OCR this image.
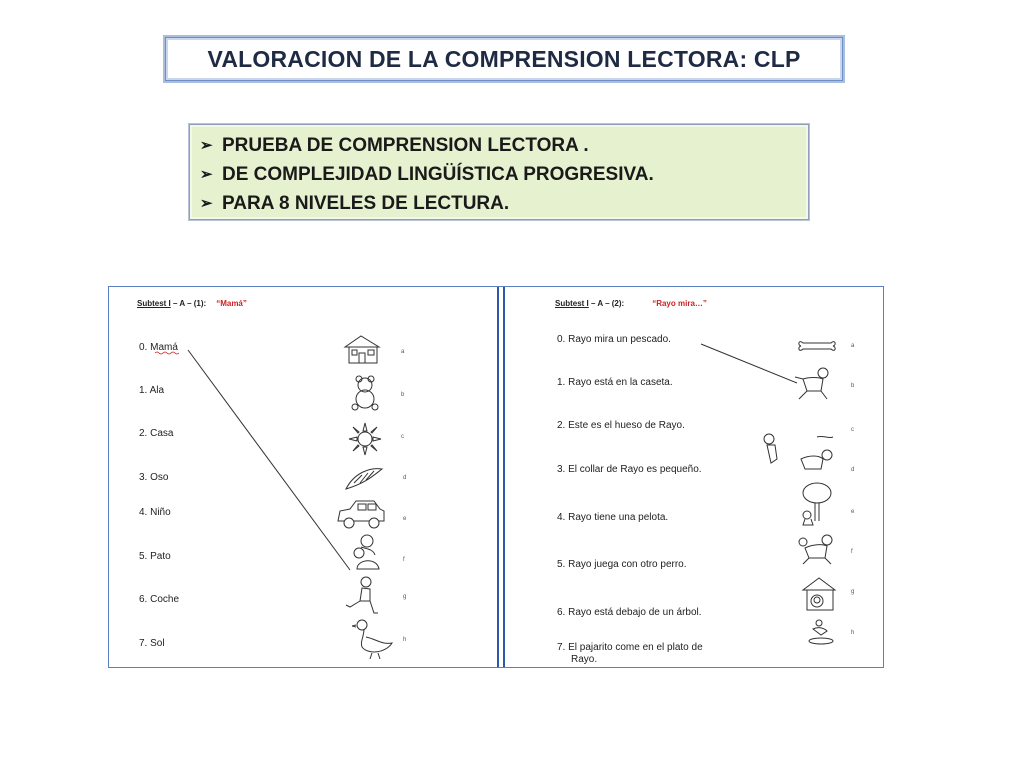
VALORACION DE LA COMPRENSION LECTORA: CLP
➢ PRUEBA DE COMPRENSION LECTORA .
➢ DE COMPLEJIDAD LINGÜÍSTICA PROGRESIVA.
➢ PARA 8 NIVELES DE LECTURA.
Subtest I – A – (1): “Mamá”
0. Mamá
1. Ala
2. Casa
3. Oso
4. Niño
5. Pato
6. Coche
7. Sol
a
b
c
d
e
f
g
h
Subtest I – A – (2):	“Rayo mira…”
0. Rayo mira un pescado.
1. Rayo está en la caseta.
2. Este es el hueso de Rayo.
3. El collar de Rayo es pequeño.
4. Rayo tiene una pelota.
5. Rayo juega con otro perro.
6. Rayo está debajo de un árbol.
7. El pajarito come en el plato de
Rayo.
a
b
c
d
e
f
g
h
